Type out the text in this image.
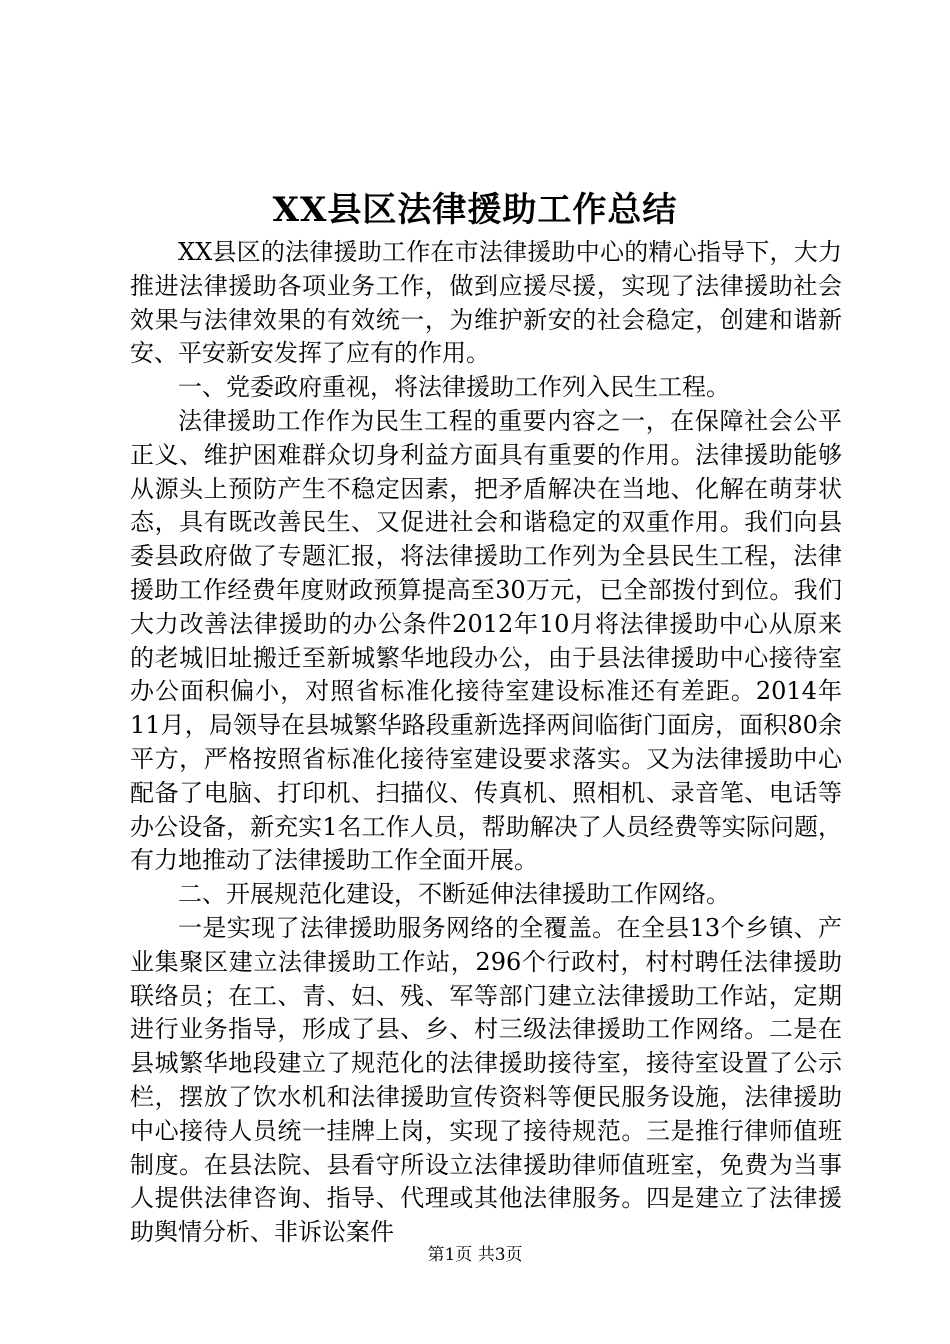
XX县区法律援助工作总结

XX县区的法律援助工作在市法律援助中心的精心指导下，大力推进法律援助各项业务工作，做到应援尽援，实现了法律援助社会效果与法律效果的有效统一，为维护新安的社会稳定，创建和谐新安、平安新安发挥了应有的作用。

一、党委政府重视，将法律援助工作列入民生工程。

法律援助工作作为民生工程的重要内容之一，在保障社会公平正义、维护困难群众切身利益方面具有重要的作用。法律援助能够从源头上预防产生不稳定因素，把矛盾解决在当地、化解在萌芽状态，具有既改善民生、又促进社会和谐稳定的双重作用。我们向县委县政府做了专题汇报，将法律援助工作列为全县民生工程，法律援助工作经费年度财政预算提高至30万元，已全部拨付到位。我们大力改善法律援助的办公条件2012年10月将法律援助中心从原来的老城旧址搬迁至新城繁华地段办公，由于县法律援助中心接待室办公面积偏小，对照省标准化接待室建设标准还有差距。2014年11月，局领导在县城繁华路段重新选择两间临街门面房，面积80余平方，严格按照省标准化接待室建设要求落实。又为法律援助中心配备了电脑、打印机、扫描仪、传真机、照相机、录音笔、电话等办公设备，新充实1名工作人员，帮助解决了人员经费等实际问题，有力地推动了法律援助工作全面开展。

二、开展规范化建设，不断延伸法律援助工作网络。

一是实现了法律援助服务网络的全覆盖。在全县13个乡镇、产业集聚区建立法律援助工作站，296个行政村，村村聘任法律援助联络员；在工、青、妇、残、军等部门建立法律援助工作站，定期进行业务指导，形成了县、乡、村三级法律援助工作网络。二是在县城繁华地段建立了规范化的法律援助接待室，接待室设置了公示栏，摆放了饮水机和法律援助宣传资料等便民服务设施，法律援助中心接待人员统一挂牌上岗，实现了接待规范。三是推行律师值班制度。在县法院、县看守所设立法律援助律师值班室，免费为当事人提供法律咨询、指导、代理或其他法律服务。四是建立了法律援助舆情分析、非诉讼案件

第1页 共3页
